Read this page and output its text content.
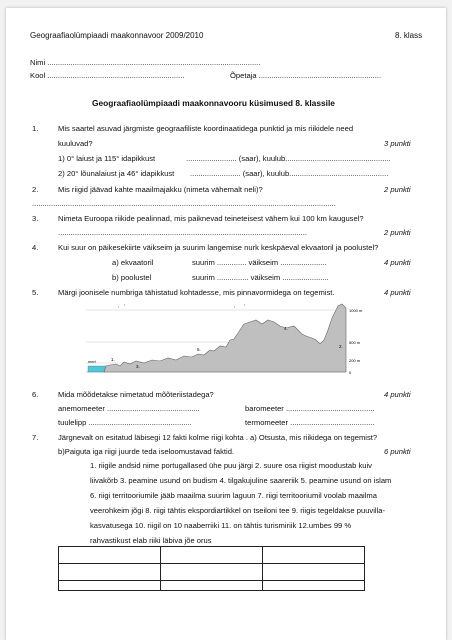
Geograafiaolümpiaadi maakonnavoor 2009/2010	8. klass
Nimi .....................................................................................................
Kool .................................................................	Õpetaja ..........................................................
Geograafiaolümpiaadi maakonnavooru küsimused 8. klassile
1.	Mis saartel asuvad järgmiste geograafiliste koordinaatidega punktid ja mis riikidele need
kuuluvad?	3 punkti
1) 0° laiust ja 115° idapikkust	........................ (saar), kuulub..................................................
2) 20° lõunalaiust ja 46° idapikkust ........................ (saar), kuulub...............................................
2.	Mis riigid jäävad kahte maailmajakku (nimeta vähemalt neli)?	2 punkti
................................................................................................................................................
3.	Nimeta Euroopa riikide pealinnad, mis paiknevad teineteisest vähem kui 100 km kaugusel?
......................................................................................................................	2 punkti
4.	Kui suur on päikesekiirte väikseim ja suurim langemise nurk keskpäeval ekvaatoril ja poolustel?
a) ekvaatoril	suurim .............. väikseim ......................	4 punkti
b) poolustel	suurim ............... väikseim ......................
5.	Märgi joonisele numbriga tähistatud kohtadesse, mis pinnavormidega on tegemist.	4 punkti
1.
4.
5.
3.
2.
meri
1000 m
500 m
200 m
0
6.	Mida mõõdetakse nimetatud mõõteriistadega?	4 punkti
anemomeeter ............................................	baromeeter ..........................................
tuulelipp .................................................	termomeeter ........................................
7.	Järgnevalt on esitatud läbisegi 12 fakti kolme riigi kohta . a) Otsusta, mis riikidega on tegemist?
b)Paiguta iga riigi juurde teda iseloomustavad faktid.	6 punkti
1. riigile andsid nime portugallased ühe puu järgi 2. suure osa riigist moodustab kuiv
liivakõrb 3. peamine usund on budism 4. tilgakujuline saareriik 5. peamine usund on islam
6. riigi territooriumile jääb maailma suurim laguun 7. riigi territooriumil voolab maailma
veerohkeim jõgi 8. riigi tähtis ekspordiartikkel on tseiloni tee 9. riigis tegeldakse puuvilla-
kasvatusega 10. riigil on 10 naaberriiki 11. on tähtis turismiriik 12.umbes 99 %
rahvastikust elab riiki läbiva jõe orus
